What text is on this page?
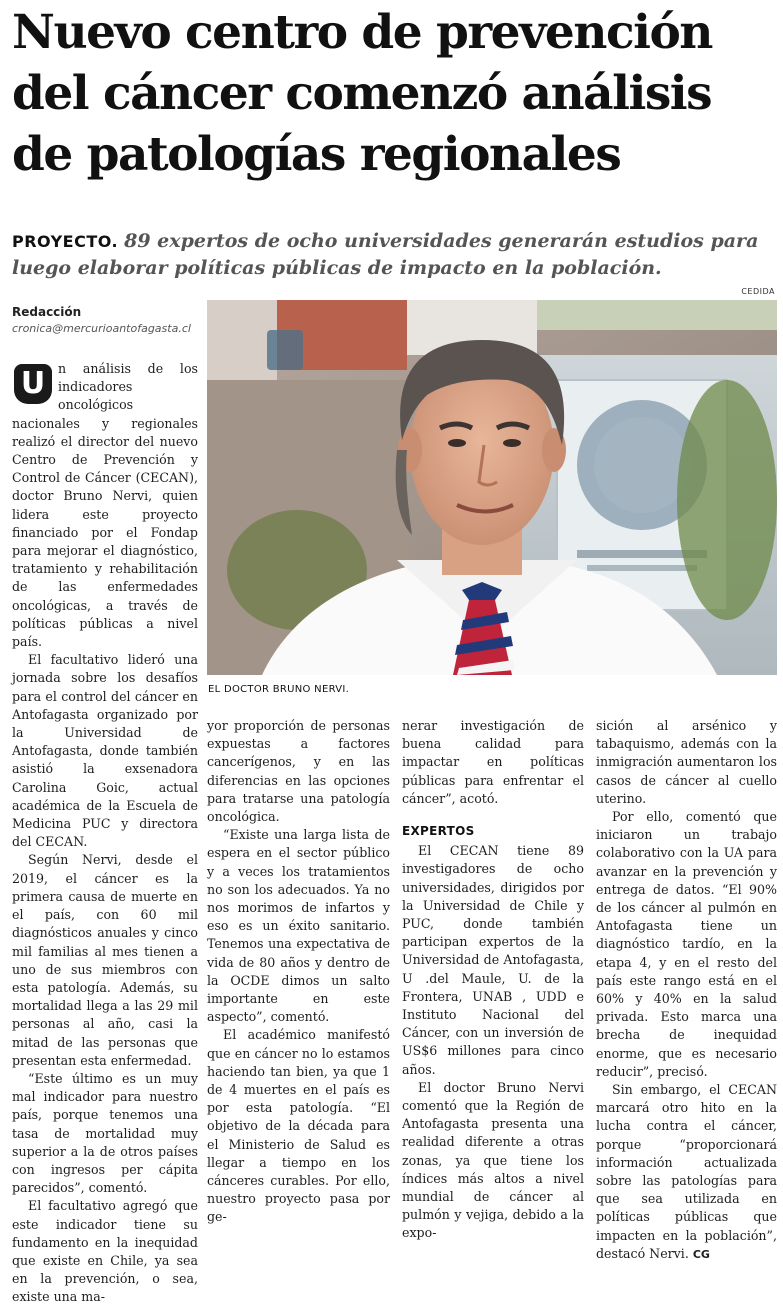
Nuevo centro de prevención
del cáncer comenzó análisis
de patologías regionales
PROYECTO. 89 expertos de ocho universidades generarán estudios para luego elaborar políticas públicas de impacto en la población.
Redacción
cronica@mercurioantofagasta.cl
CEDIDA
EL DOCTOR BRUNO NERVI.
U	n análisis de los indicadores oncológicos nacionales y regionales realizó el director del nuevo Centro de Prevención y Control de Cáncer (CECAN), doctor Bruno Nervi, quien lidera este proyecto financiado por el Fondap para mejorar el diagnóstico, tratamiento y rehabilitación de las enfermedades oncológicas, a través de políticas públicas a nivel país.

El facultativo lideró una jornada sobre los desafíos para el control del cáncer en Antofagasta organizado por la Universidad de Antofagasta, donde también asistió la exsenadora Carolina Goic, actual académica de la Escuela de Medicina PUC y directora del CECAN.

Según Nervi, desde el 2019, el cáncer es la primera causa de muerte en el país, con 60 mil diagnósticos anuales y cinco mil familias al mes tienen a uno de sus miembros con esta patología. Además, su mortalidad llega a las 29 mil personas al año, casi la mitad de las personas que presentan esta enfermedad.

“Este último es un muy mal indicador para nuestro país, porque tenemos una tasa de mortalidad muy superior a la de otros países con ingresos per cápita parecidos”, comentó.

El facultativo agregó que este indicador tiene su fundamento en la inequidad que existe en Chile, ya sea en la prevención, o sea, existe una ma-

yor proporción de personas expuestas a factores cancerígenos, y en las diferencias en las opciones para tratarse una patología oncológica.

“Existe una larga lista de espera en el sector público y a veces los tratamientos no son los adecuados. Ya no nos morimos de infartos y eso es un éxito sanitario. Tenemos una expectativa de vida de 80 años y dentro de la OCDE dimos un salto importante en este aspecto”, comentó.

El académico manifestó que en cáncer no lo estamos haciendo tan bien, ya que 1 de 4 muertes en el país es por esta patología. “El objetivo de la década para el Ministerio de Salud es llegar a tiempo en los cánceres curables. Por ello, nuestro proyecto pasa por ge-

nerar investigación de buena calidad para impactar en políticas públicas para enfrentar el cáncer”, acotó.

EXPERTOS

El CECAN tiene 89 investigadores de ocho universidades, dirigidos por la Universidad de Chile y PUC, donde también participan expertos de la Universidad de Antofagasta, U .del Maule, U. de la Frontera, UNAB , UDD e Instituto Nacional del Cáncer, con un inversión de US$6 millones para cinco años.

El doctor Bruno Nervi comentó que la Región de Antofagasta presenta una realidad diferente a otras zonas, ya que tiene los índices más altos a nivel mundial de cáncer al pulmón y vejiga, debido a la expo-

sición al arsénico y tabaquismo, además con la inmigración aumentaron los casos de cáncer al cuello uterino.

Por ello, comentó que iniciaron un trabajo colaborativo con la UA para avanzar en la prevención y entrega de datos. “El 90% de los cáncer al pulmón en Antofagasta tiene un diagnóstico tardío, en la etapa 4, y en el resto del país este rango está en el 60% y 40% en la salud privada. Esto marca una brecha de inequidad enorme, que es necesario reducir”, precisó.

Sin embargo, el CECAN marcará otro hito en la lucha contra el cáncer, porque “proporcionará información actualizada sobre las patologías para que sea utilizada en políticas públicas que impacten en la población”, destacó Nervi. CG
